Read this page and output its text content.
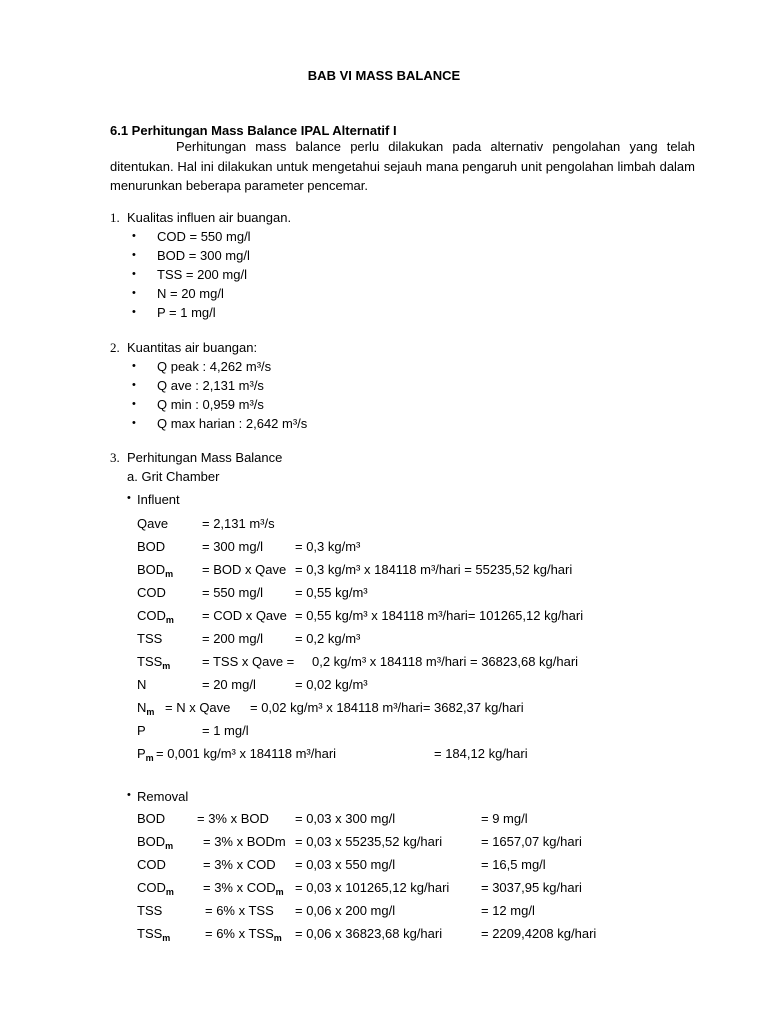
BAB VI MASS BALANCE
6.1 Perhitungan Mass Balance IPAL Alternatif I

Perhitungan mass balance perlu dilakukan pada alternativ pengolahan yang telah ditentukan. Hal ini dilakukan untuk mengetahui sejauh mana pengaruh unit pengolahan limbah dalam menurunkan beberapa parameter pencemar.

1. Kualitas influen air buangan.
• COD = 550 mg/l
• BOD = 300 mg/l
• TSS = 200 mg/l
• N = 20 mg/l
• P = 1 mg/l
2. Kuantitas air buangan:
• Q peak : 4,262 m³/s
• Q ave : 2,131 m³/s
• Q min : 0,959 m³/s
• Q max harian : 2,642 m³/s
3. Perhitungan Mass Balance
a. Grit Chamber
• Influent
Qave	= 2,131 m³/s
BOD	= 300 mg/l = 0,3 kg/m³
$BOD_m$ = BOD x Qave = 0,3 kg/m³ x 184118 m³/hari = 55235,52 kg/hari
COD	= 550 mg/l = 0,55 kg/m³
$COD_m$ = COD x Qave = 0,55 kg/m³ x 184118 m³/hari= 101265,12 kg/hari
TSS	= 200 mg/l = 0,2 kg/m³
$TSS_m$ = TSS x Qave = 0,2 kg/m³ x 184118 m³/hari = 36823,68 kg/hari
N	= 20 mg/l	= 0,02 kg/m³
$N_m = N$ x Qave = 0,02 kg/m³ x 184118 m³/hari= 3682,37 kg/hari
P	= 1 mg/l
$P_m = 0,001$ kg/m³ x 184118 m³/hari	= 184,12 kg/hari
• Removal
BOD = 3% x BOD = 0,03 x 300 mg/l	= 9 mg/l
$BOD_m = 3\%$ x BODm = 0,03 x 55235,52 kg/hari	= 1657,07 kg/hari
COD	= 3% x COD = 0,03 x 550 mg/l	= 16,5 mg/l
$COD_m = 3\%$ x $COD_m = 0,03$ x 101265,12 kg/hari = 3037,95 kg/hari
TSS	= 6% x TSS = 0,06 x 200 mg/l	= 12 mg/l
$TSS_m$	= 6% x $TSS_m = 0,06$ x 36823,68 kg/hari	= 2209,4208 kg/hari
